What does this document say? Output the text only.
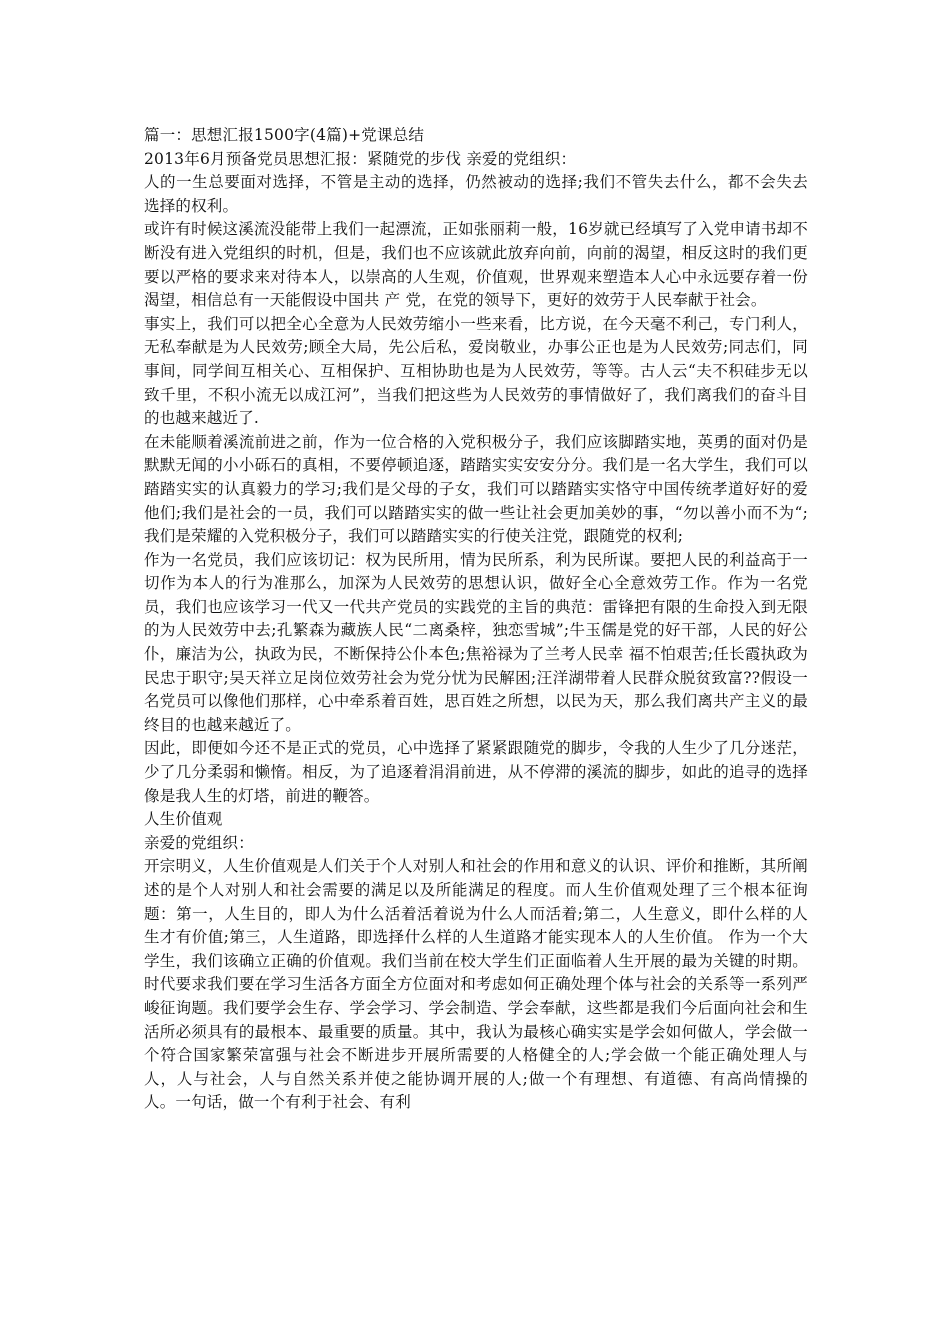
篇一：思想汇报1500字(4篇)+党课总结

2013年6月预备党员思想汇报：紧随党的步伐 亲爱的党组织：

人的一生总要面对选择，不管是主动的选择，仍然被动的选择;我们不管失去什么，都不会失去选择的权利。

或许有时候这溪流没能带上我们一起漂流，正如张丽莉一般，16岁就已经填写了入党申请书却不断没有进入党组织的时机，但是，我们也不应该就此放弃向前，向前的渴望，相反这时的我们更要以严格的要求来对待本人，以崇高的人生观，价值观，世界观来塑造本人心中永远要存着一份渴望，相信总有一天能假设中国共 产 党，在党的领导下，更好的效劳于人民奉献于社会。

事实上，我们可以把全心全意为人民效劳缩小一些来看，比方说，在今天毫不利己，专门利人，无私奉献是为人民效劳;顾全大局，先公后私，爱岗敬业，办事公正也是为人民效劳;同志们，同事间，同学间互相关心、互相保护、互相协助也是为人民效劳，等等。古人云“夫不积硅步无以致千里，不积小流无以成江河”，当我们把这些为人民效劳的事情做好了，我们离我们的奋斗目的也越来越近了.

在未能顺着溪流前进之前，作为一位合格的入党积极分子，我们应该脚踏实地，英勇的面对仍是默默无闻的小小砾石的真相，不要停顿追逐，踏踏实实安安分分。我们是一名大学生，我们可以踏踏实实的认真毅力的学习;我们是父母的子女，我们可以踏踏实实恪守中国传统孝道好好的爱他们;我们是社会的一员，我们可以踏踏实实的做一些让社会更加美妙的事，“勿以善小而不为“;我们是荣耀的入党积极分子，我们可以踏踏实实的行使关注党，跟随党的权利;

作为一名党员，我们应该切记：权为民所用，情为民所系，利为民所谋。要把人民的利益高于一切作为本人的行为准那么，加深为人民效劳的思想认识，做好全心全意效劳工作。作为一名党员，我们也应该学习一代又一代共产党员的实践党的主旨的典范：雷锋把有限的生命投入到无限的为人民效劳中去;孔繁森为藏族人民“二离桑梓，独恋雪城”;牛玉儒是党的好干部，人民的好公仆，廉洁为公，执政为民，不断保持公仆本色;焦裕禄为了兰考人民幸 福不怕艰苦;任长霞执政为民忠于职守;吴天祥立足岗位效劳社会为党分忧为民解困;汪洋湖带着人民群众脱贫致富??假设一名党员可以像他们那样，心中牵系着百姓，思百姓之所想，以民为天，那么我们离共产主义的最终目的也越来越近了。

因此，即便如今还不是正式的党员，心中选择了紧紧跟随党的脚步，令我的人生少了几分迷茫，少了几分柔弱和懒惰。相反，为了追逐着涓涓前进，从不停滞的溪流的脚步，如此的追寻的选择像是我人生的灯塔，前进的鞭答。

人生价值观

亲爱的党组织：

开宗明义，人生价值观是人们关于个人对别人和社会的作用和意义的认识、评价和推断，其所阐述的是个人对别人和社会需要的满足以及所能满足的程度。而人生价值观处理了三个根本征询题：第一，人生目的，即人为什么活着活着说为什么人而活着;第二，人生意义，即什么样的人生才有价值;第三，人生道路，即选择什么样的人生道路才能实现本人的人生价值。 作为一个大学生，我们该确立正确的价值观。我们当前在校大学生们正面临着人生开展的最为关键的时期。时代要求我们要在学习生活各方面全方位面对和考虑如何正确处理个体与社会的关系等一系列严峻征询题。我们要学会生存、学会学习、学会制造、学会奉献，这些都是我们今后面向社会和生活所必须具有的最根本、最重要的质量。其中，我认为最核心确实实是学会如何做人，学会做一个符合国家繁荣富强与社会不断进步开展所需要的人格健全的人;学会做一个能正确处理人与人，人与社会，人与自然关系并使之能协调开展的人;做一个有理想、有道德、有高尚情操的人。一句话，做一个有利于社会、有利
